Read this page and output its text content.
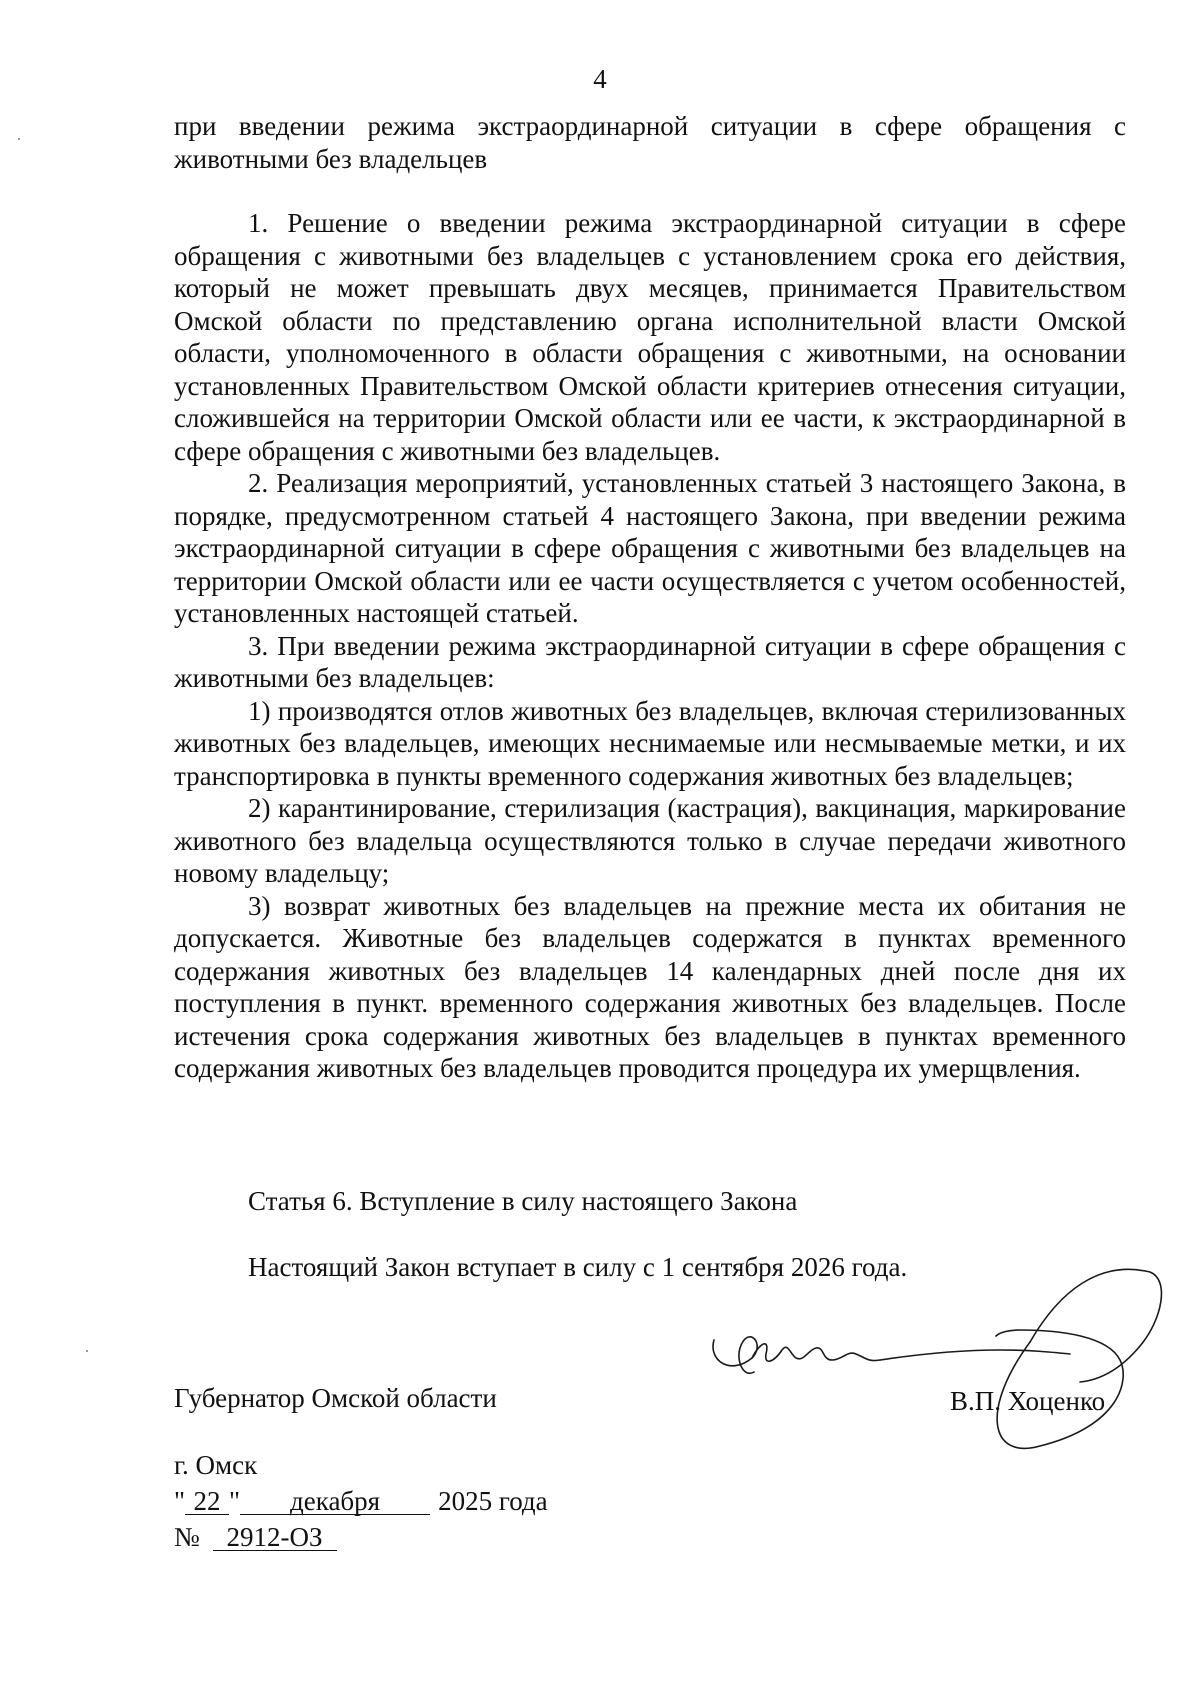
4

при введении режима экстраординарной ситуации в сфере обращения с животными без владельцев

1. Решение о введении режима экстраординарной ситуации в сфере обращения с животными без владельцев с установлением срока его действия, который не может превышать двух месяцев, принимается Правительством Омской области по представлению органа исполнительной власти Омской области, уполномоченного в области обращения с животными, на основании установленных Правительством Омской области критериев отнесения ситуации, сложившейся на территории Омской области или ее части, к экстраординарной в сфере обращения с животными без владельцев.

2. Реализация мероприятий, установленных статьей 3 настоящего Закона, в порядке, предусмотренном статьей 4 настоящего Закона, при введении режима экстраординарной ситуации в сфере обращения с животными без владельцев на территории Омской области или ее части осуществляется с учетом особенностей, установленных настоящей статьей.

3. При введении режима экстраординарной ситуации в сфере обращения с животными без владельцев:

1) производятся отлов животных без владельцев, включая стерилизованных животных без владельцев, имеющих неснимаемые или несмываемые метки, и их транспортировка в пункты временного содержания животных без владельцев;

2) карантинирование, стерилизация (кастрация), вакцинация, маркирование животного без владельца осуществляются только в случае передачи животного новому владельцу;

3) возврат животных без владельцев на прежние места их обитания не допускается. Животные без владельцев содержатся в пунктах временного содержания животных без владельцев 14 календарных дней после дня их поступления в пункт. временного содержания животных без владельцев. После истечения срока содержания животных без владельцев в пунктах временного содержания животных без владельцев проводится процедура их умерщвления.

Статья 6. Вступление в силу настоящего Закона
Настоящий Закон вступает в силу с 1 сентября 2026 года.
Губернатор Омской области	В.П. Хоценко
г. Омск
" 22 " декабря 2025 года
№ 2912-ОЗ
